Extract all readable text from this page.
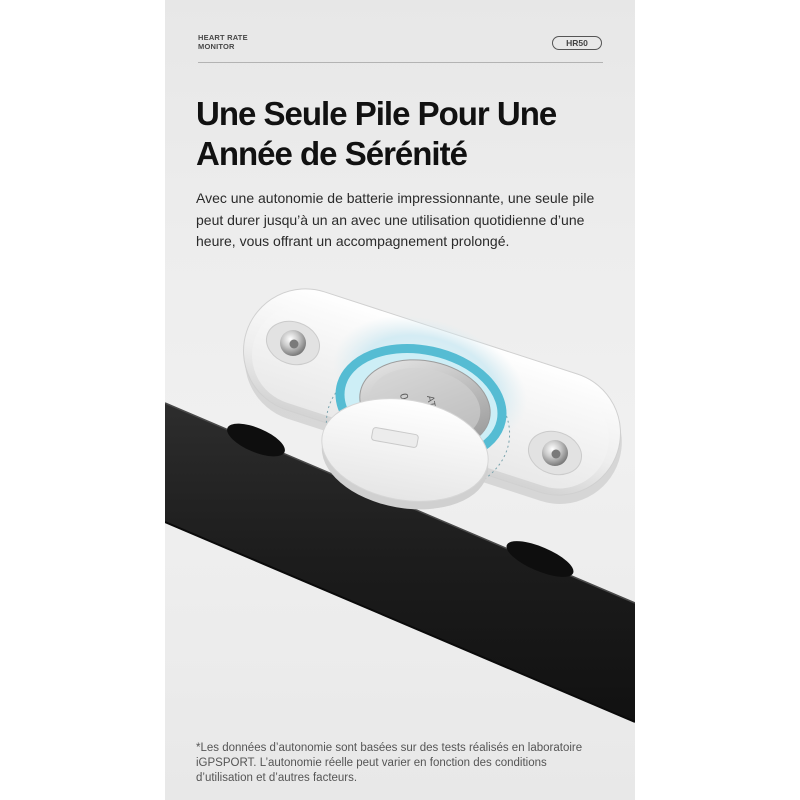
HEART RATE
MONITOR	HR50
Une Seule Pile Pour Une
Année de Sérénité

Avec une autonomie de batterie impressionnante, une seule pile
peut durer jusqu’à un an avec une utilisation quotidienne d’une
heure, vous offrant un accompagnement prolongé.

*Les données d’autonomie sont basées sur des tests réalisés en laboratoire
iGPSPORT. L’autonomie réelle peut varier en fonction des conditions
d’utilisation et d’autres facteurs.
